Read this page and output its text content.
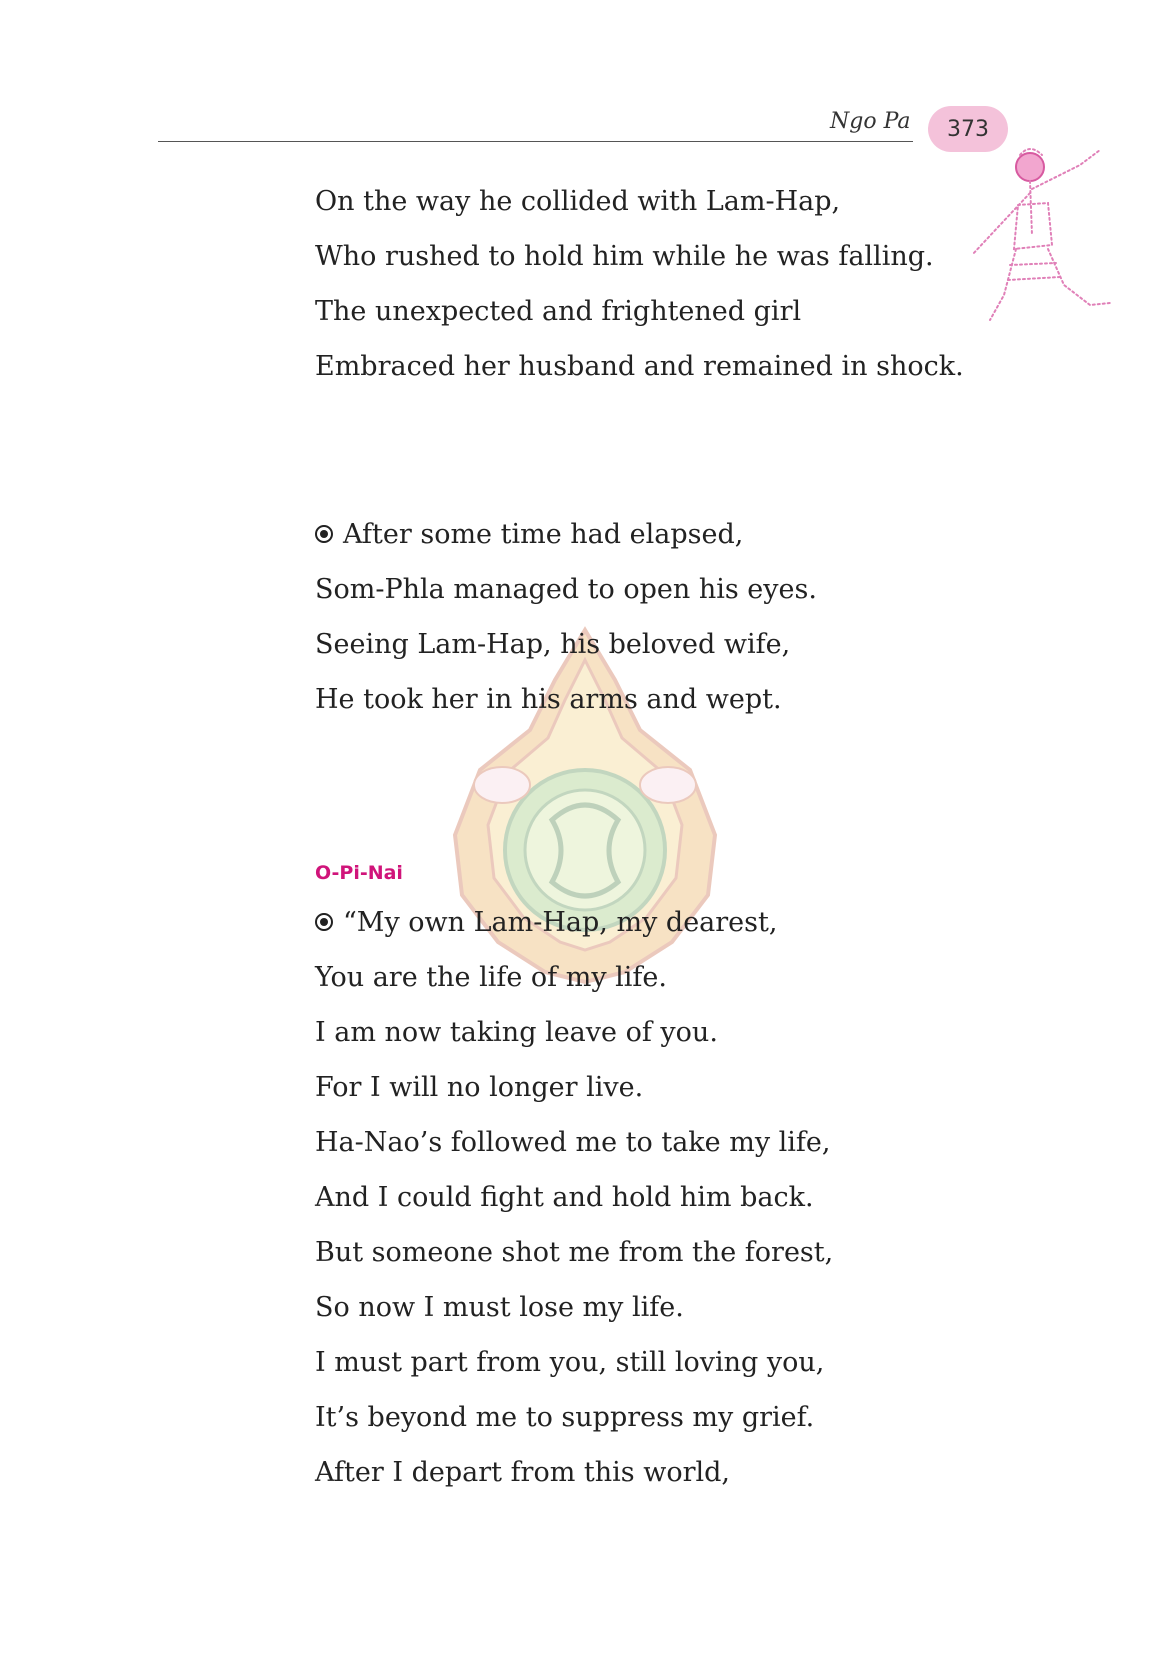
Ngo Pa 373
On the way he collided with Lam-Hap,
Who rushed to hold him while he was falling.
The unexpected and frightened girl
Embraced her husband and remained in shock.
After some time had elapsed,
Som-Phla managed to open his eyes.
Seeing Lam-Hap, his beloved wife,
He took her in his arms and wept.
O-Pi-Nai
“My own Lam-Hap, my dearest,
You are the life of my life.
I am now taking leave of you.
For I will no longer live.
Ha-Nao’s followed me to take my life,
And I could fight and hold him back.
But someone shot me from the forest,
So now I must lose my life.
I must part from you, still loving you,
It’s beyond me to suppress my grief.
After I depart from this world,
